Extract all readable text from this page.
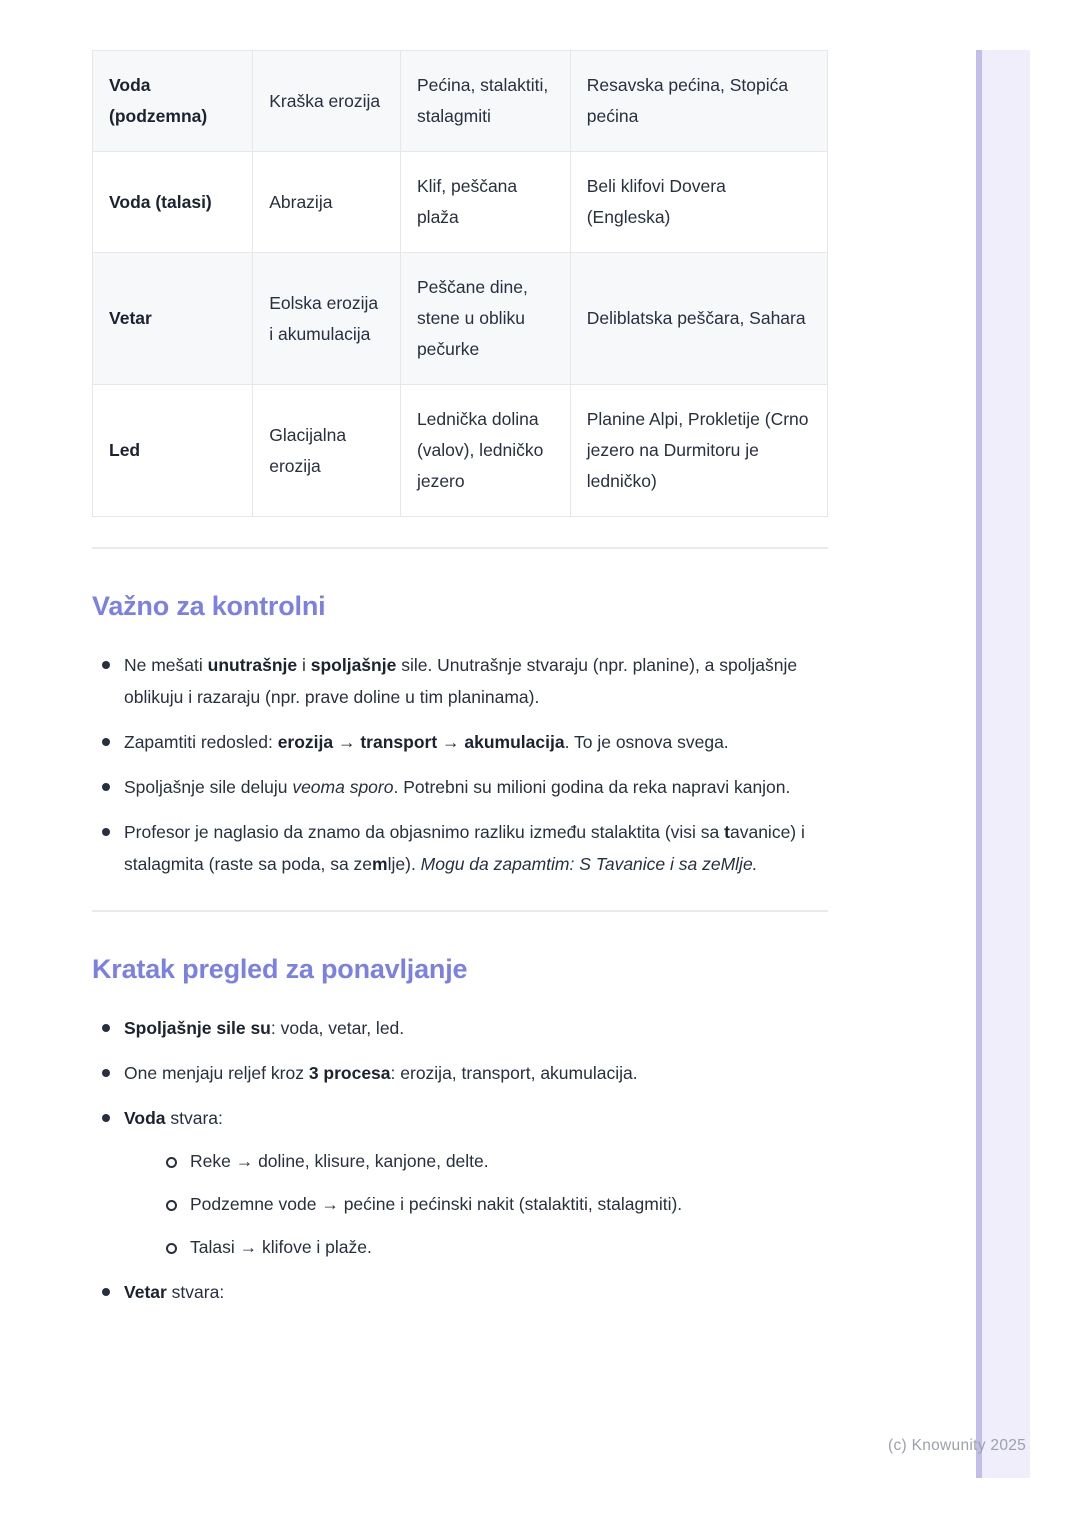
Voda (podzemna)	Kraška erozija	Pećina, stalaktiti, stalagmiti	Resavska pećina, Stopića pećina
Voda (talasi)	Abrazija	Klif, peščana plaža	Beli klifovi Dovera (Engleska)
Vetar	Eolska erozija i akumulacija	Peščane dine, stene u obliku pečurke	Deliblatska peščara, Sahara
Led	Glacijalna erozija	Lednička dolina (valov), ledničko jezero	Planine Alpi, Prokletije (Crno jezero na Durmitoru je ledničko)
Važno za kontrolni
Ne mešati unutrašnje i spoljašnje sile. Unutrašnje stvaraju (npr. planine), a spoljašnje oblikuju i razaraju (npr. prave doline u tim planinama).
Zapamtiti redosled: erozija → transport → akumulacija. To je osnova svega.
Spoljašnje sile deluju veoma sporo. Potrebni su milioni godina da reka napravi kanjon.
Profesor je naglasio da znamo da objasnimo razliku između stalaktita (visi sa tavanice) i stalagmita (raste sa poda, sa zemlje). Mogu da zapamtim: S Tavanice i sa zeMlje.
Kratak pregled za ponavljanje
Spoljašnje sile su: voda, vetar, led.
One menjaju reljef kroz 3 procesa: erozija, transport, akumulacija.
Voda stvara:
Reke → doline, klisure, kanjone, delte.
Podzemne vode → pećine i pećinski nakit (stalaktiti, stalagmiti).
Talasi → klifove i plaže.
Vetar stvara:
(c) Knowunity 2025
